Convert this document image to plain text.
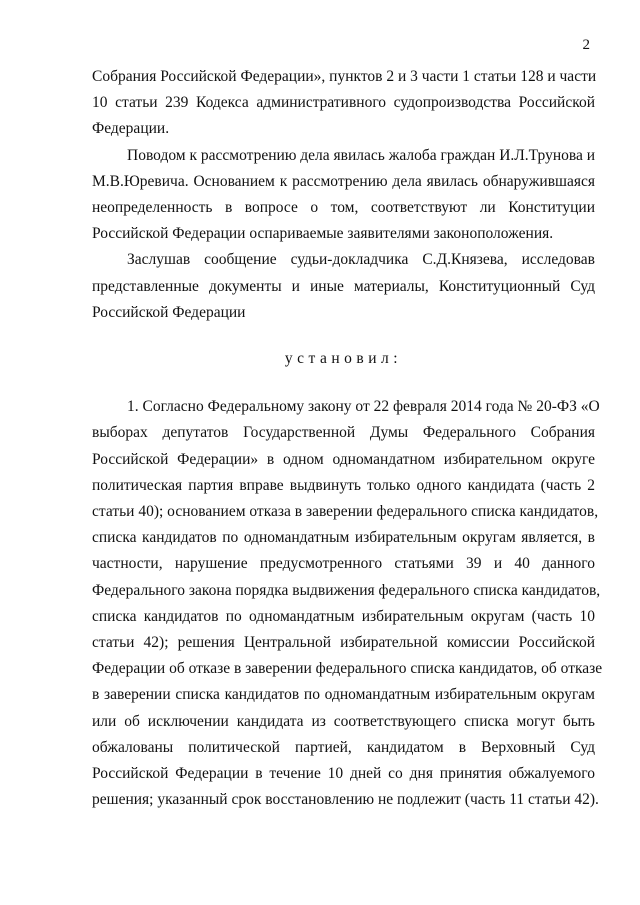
2
Собрания Российской Федерации», пунктов 2 и 3 части 1 статьи 128 и части
10 статьи 239 Кодекса административного судопроизводства Российской
Федерации.
Поводом к рассмотрению дела явилась жалоба граждан И.Л.Трунова и
М.В.Юревича. Основанием к рассмотрению дела явилась обнаружившаяся
неопределенность в вопросе о том, соответствуют ли Конституции
Российской Федерации оспариваемые заявителями законоположения.
Заслушав сообщение судьи-докладчика С.Д.Князева, исследовав
представленные документы и иные материалы, Конституционный Суд
Российской Федерации
установил:
1. Согласно Федеральному закону от 22 февраля 2014 года № 20-ФЗ «О
выборах депутатов Государственной Думы Федерального Собрания
Российской Федерации» в одном одномандатном избирательном округе
политическая партия вправе выдвинуть только одного кандидата (часть 2
статьи 40); основанием отказа в заверении федерального списка кандидатов,
списка кандидатов по одномандатным избирательным округам является, в
частности, нарушение предусмотренного статьями 39 и 40 данного
Федерального закона порядка выдвижения федерального списка кандидатов,
списка кандидатов по одномандатным избирательным округам (часть 10
статьи 42); решения Центральной избирательной комиссии Российской
Федерации об отказе в заверении федерального списка кандидатов, об отказе
в заверении списка кандидатов по одномандатным избирательным округам
или об исключении кандидата из соответствующего списка могут быть
обжалованы политической партией, кандидатом в Верховный Суд
Российской Федерации в течение 10 дней со дня принятия обжалуемого
решения; указанный срок восстановлению не подлежит (часть 11 статьи 42).
